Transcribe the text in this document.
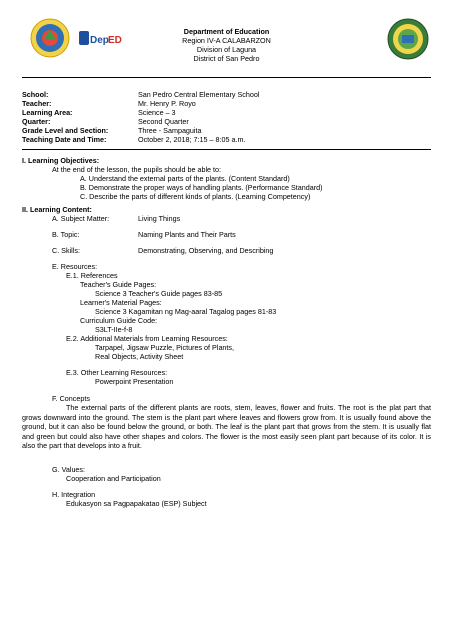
Dep ED
Department of Education
Region IV-A CALABARZON
Division of Laguna
District of San Pedro
School:	San Pedro Central Elementary School
Teacher:	Mr. Henry P. Royo
Learning Area:	Science – 3
Quarter:	Second Quarter
Grade Level and Section:	Three - Sampaguita
Teaching Date and Time:	October 2, 2018; 7:15 – 8:05 a.m.
I. Learning Objectives:
At the end of the lesson, the pupils should be able to:
A. Understand the external parts of the plants. (Content Standard)
B. Demonstrate the proper ways of handling plants. (Performance Standard)
C. Describe the parts of different kinds of plants. (Learning Competency)
II. Learning Content:
A. Subject Matter:	Living Things
B. Topic:	Naming Plants and Their Parts
C. Skills:	Demonstrating, Observing, and Describing
E. Resources:
E.1. References
Teacher's Guide Pages:
Science 3 Teacher's Guide pages 83-85
Learner's Material Pages:
Science 3 Kagamitan ng Mag-aaral Tagalog pages 81-83
Curriculum Guide Code:
S3LT-IIe-f-8
E.2. Additional Materials from Learning Resources:
Tarpapel, Jigsaw Puzzle, Pictures of Plants,
Real Objects, Activity Sheet
E.3. Other Learning Resources:
Powerpoint Presentation
F. Concepts

The external parts of the different plants are roots, stem, leaves, flower and fruits. The root is the plat part that grows downward into the ground. The stem is the plant part where leaves and flowers grow from. It is usually found above the ground, but it can also be found below the ground, or both. The leaf is the plant part that grows from the stem. It is usually flat and green but could also have other shapes and colors. The flower is the most easily seen plant part because of its color. It is also the part that develops into a fruit.

G. Values:
Cooperation and Participation
H. Integration
Edukasyon sa Pagpapakatao (ESP) Subject
